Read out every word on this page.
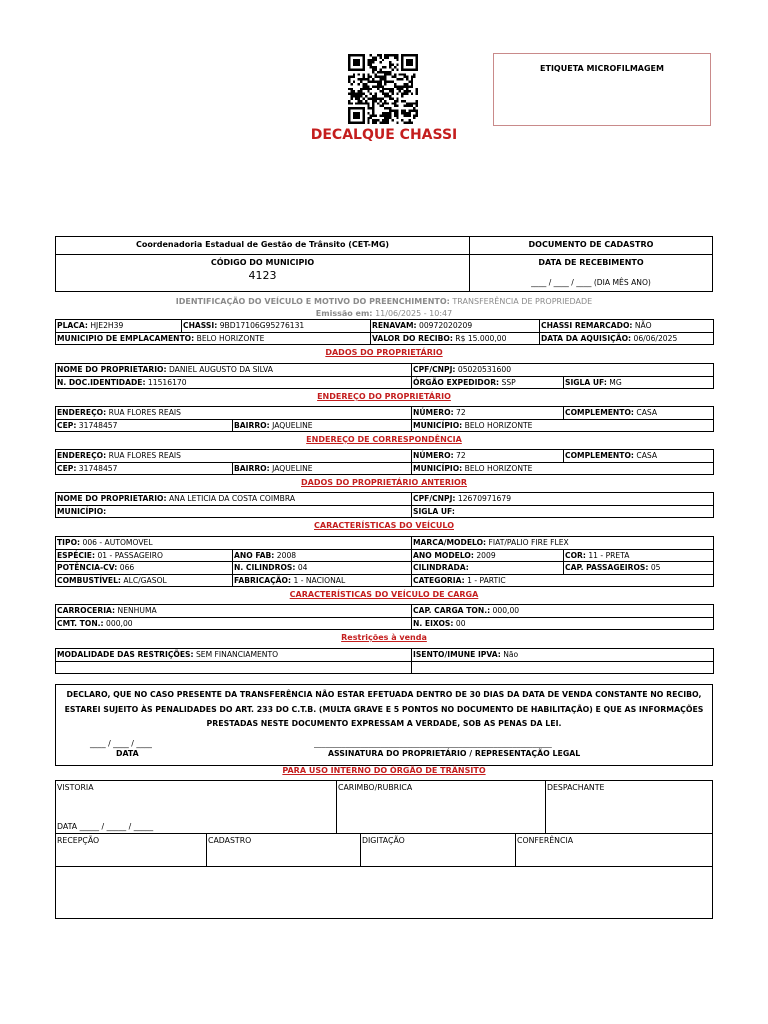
DECALQUE CHASSI
ETIQUETA MICROFILMAGEM
Coordenadoria Estadual de Gestão de Trânsito (CET-MG)	DOCUMENTO DE CADASTRO
CÓDIGO DO MUNICIPIO
4123
DATA DE RECEBIMENTO
____ / ____ / ____ (DIA MÊS ANO)
IDENTIFICAÇÃO DO VEÍCULO E MOTIVO DO PREENCHIMENTO: TRANSFERÊNCIA DE PROPRIEDADE
Emissão em: 11/06/2025 - 10:47
PLACA: HJE2H39	CHASSI: 9BD17106G95276131	RENAVAM: 00972020209	CHASSI REMARCADO: NÃO
MUNICIPIO DE EMPLACAMENTO: BELO HORIZONTE		VALOR DO RECIBO: R$ 15.000,00	DATA DA AQUISIÇÃO: 06/06/2025
DADOS DO PROPRIETÁRIO
NOME DO PROPRIETARIO: DANIEL AUGUSTO DA SILVA	CPF/CNPJ: 05020531600	
N. DOC.IDENTIDADE: 11516170	ÓRGÃO EXPEDIDOR: SSP	SIGLA UF: MG
ENDEREÇO DO PROPRIETÁRIO
ENDEREÇO: RUA FLORES REAIS		NÚMERO: 72	COMPLEMENTO: CASA
CEP: 31748457	BAIRRO: JAQUELINE	MUNICÍPIO: BELO HORIZONTE	
ENDEREÇO DE CORRESPONDÊNCIA
ENDEREÇO: RUA FLORES REAIS		NÚMERO: 72	COMPLEMENTO: CASA
CEP: 31748457	BAIRRO: JAQUELINE	MUNICÍPIO: BELO HORIZONTE	
DADOS DO PROPRIETÁRIO ANTERIOR
NOME DO PROPRIETARIO: ANA LETICIA DA COSTA COIMBRA	CPF/CNPJ: 12670971679
MUNICÍPIO:	SIGLA UF:
CARACTERÍSTICAS DO VEÍCULO
TIPO: 006 - AUTOMOVEL		MARCA/MODELO: FIAT/PALIO FIRE FLEX	
ESPÉCIE: 01 - PASSAGEIRO	ANO FAB: 2008	ANO MODELO: 2009	COR: 11 - PRETA
POTÊNCIA-CV: 066	N. CILINDROS: 04	CILINDRADA:	CAP. PASSAGEIROS: 05
COMBUSTÍVEL: ALC/GASOL	FABRICAÇÃO: 1 - NACIONAL	CATEGORIA: 1 - PARTIC	
CARACTERÍSTICAS DO VEÍCULO DE CARGA
CARROCERIA: NENHUMA	CAP. CARGA TON.: 000,00
CMT. TON.: 000,00	N. EIXOS: 00
Restrições à venda
MODALIDADE DAS RESTRIÇÕES: SEM FINANCIAMENTO	ISENTO/IMUNE IPVA: Não

DECLARO, QUE NO CASO PRESENTE DA TRANSFERÊNCIA NÃO ESTAR EFETUADA DENTRO DE 30 DIAS DA DATA DE VENDA CONSTANTE NO RECIBO, ESTAREI SUJEITO ÀS PENALIDADES DO ART. 233 DO C.T.B. (MULTA GRAVE E 5 PONTOS NO DOCUMENTO DE HABILITAÇÃO) E QUE AS INFORMAÇÕES PRESTADAS NESTE DOCUMENTO EXPRESSAM A VERDADE, SOB AS PENAS DA LEI.
____ / ____ / ____
DATA
_____________________________________________________________
ASSINATURA DO PROPRIETÁRIO / REPRESENTAÇÃO LEGAL
PARA USO INTERNO DO ÓRGÃO DE TRÂNSITO
VISTORIA	CARIMBO/RUBRICA	DESPACHANTE
DATA _____ / _____ / _____
RECEPÇÃO	CADASTRO	DIGITAÇÃO	CONFERÊNCIA
